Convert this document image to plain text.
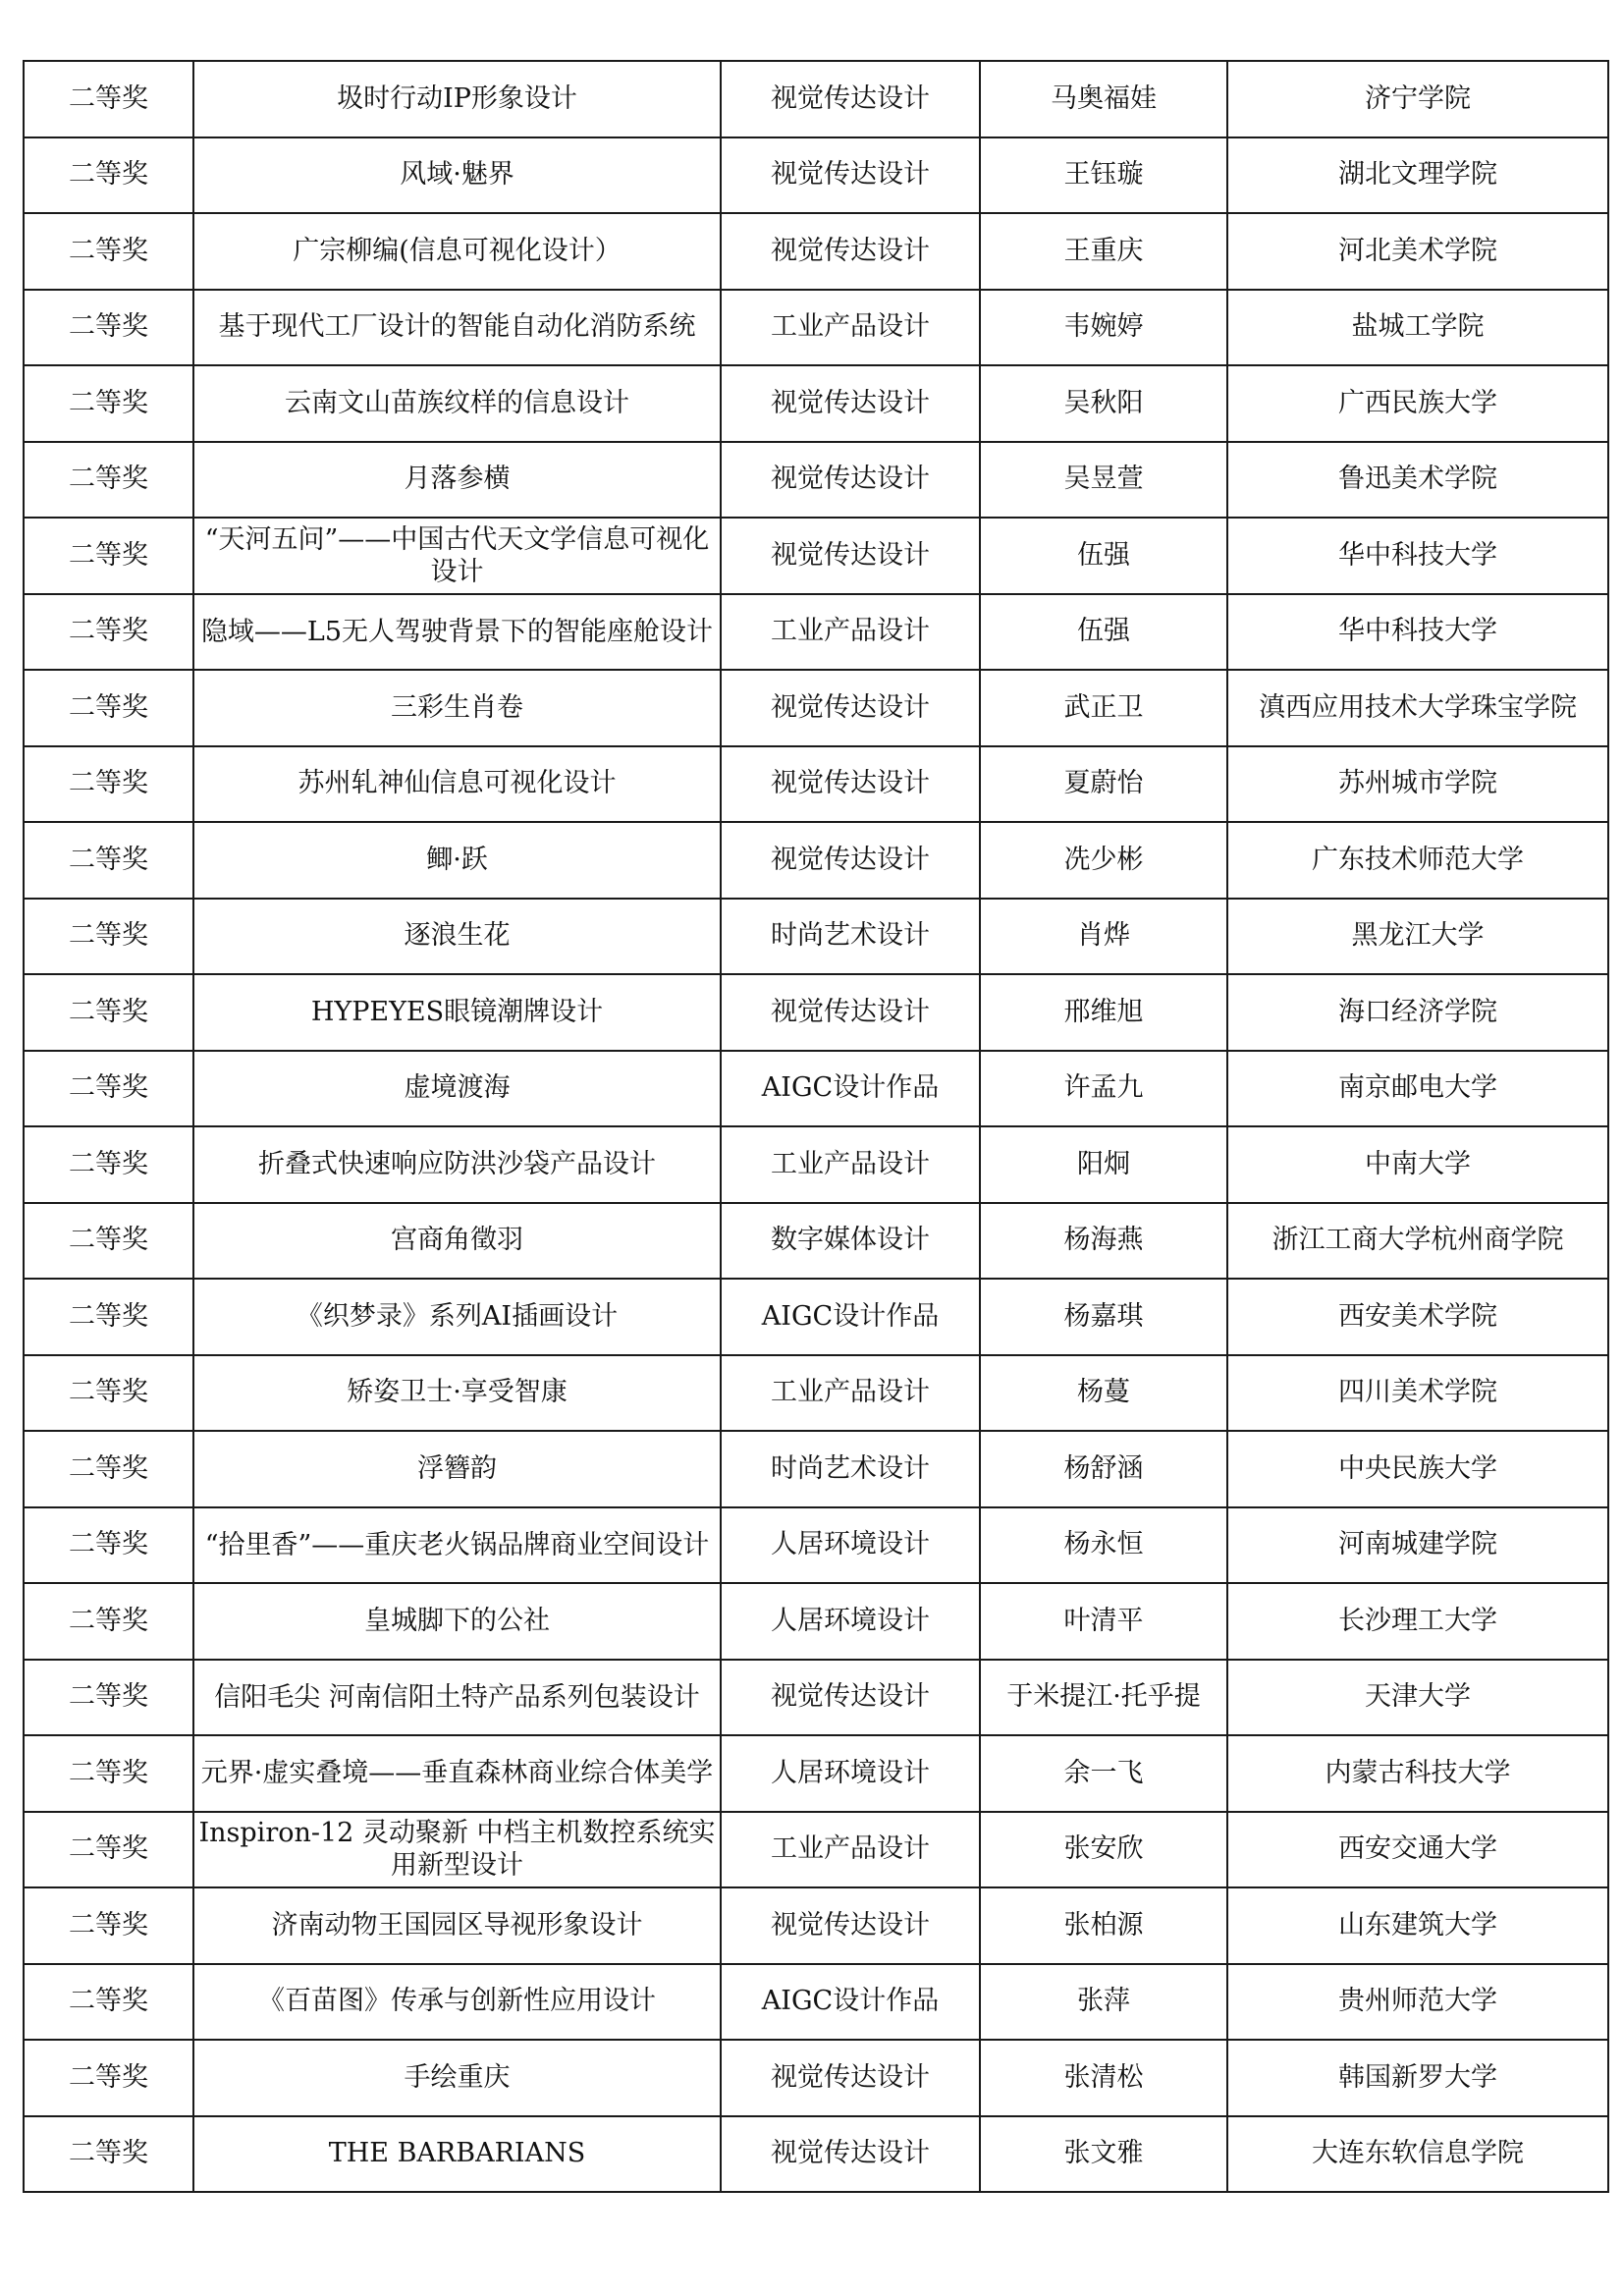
二等奖	圾时行动IP形象设计	视觉传达设计	马奥福娃	济宁学院
二等奖	风域·魅界	视觉传达设计	王钰璇	湖北文理学院
二等奖	广宗柳编(信息可视化设计）	视觉传达设计	王重庆	河北美术学院
二等奖	基于现代工厂设计的智能自动化消防系统	工业产品设计	韦婉婷	盐城工学院
二等奖	云南文山苗族纹样的信息设计	视觉传达设计	吴秋阳	广西民族大学
二等奖	月落参横	视觉传达设计	吴昱萱	鲁迅美术学院
二等奖	“天河五问”——中国古代天文学信息可视化设计	视觉传达设计	伍强	华中科技大学
二等奖	隐域——L5无人驾驶背景下的智能座舱设计	工业产品设计	伍强	华中科技大学
二等奖	三彩生肖卷	视觉传达设计	武正卫	滇西应用技术大学珠宝学院
二等奖	苏州轧神仙信息可视化设计	视觉传达设计	夏蔚怡	苏州城市学院
二等奖	鲫·跃	视觉传达设计	冼少彬	广东技术师范大学
二等奖	逐浪生花	时尚艺术设计	肖烨	黑龙江大学
二等奖	HYPEYES眼镜潮牌设计	视觉传达设计	邢维旭	海口经济学院
二等奖	虚境渡海	AIGC设计作品	许孟九	南京邮电大学
二等奖	折叠式快速响应防洪沙袋产品设计	工业产品设计	阳炯	中南大学
二等奖	宫商角徵羽	数字媒体设计	杨海燕	浙江工商大学杭州商学院
二等奖	《织梦录》系列AI插画设计	AIGC设计作品	杨嘉琪	西安美术学院
二等奖	矫姿卫士·享受智康	工业产品设计	杨蔓	四川美术学院
二等奖	浮簪韵	时尚艺术设计	杨舒涵	中央民族大学
二等奖	“拾里香”——重庆老火锅品牌商业空间设计	人居环境设计	杨永恒	河南城建学院
二等奖	皇城脚下的公社	人居环境设计	叶清平	长沙理工大学
二等奖	信阳毛尖 河南信阳土特产品系列包装设计	视觉传达设计	于米提江·托乎提	天津大学
二等奖	元界·虚实叠境——垂直森林商业综合体美学	人居环境设计	余一飞	内蒙古科技大学
二等奖	Inspiron-12 灵动聚新 中档主机数控系统实用新型设计	工业产品设计	张安欣	西安交通大学
二等奖	济南动物王国园区导视形象设计	视觉传达设计	张柏源	山东建筑大学
二等奖	《百苗图》传承与创新性应用设计	AIGC设计作品	张萍	贵州师范大学
二等奖	手绘重庆	视觉传达设计	张清松	韩国新罗大学
二等奖	THE BARBARIANS	视觉传达设计	张文雅	大连东软信息学院
